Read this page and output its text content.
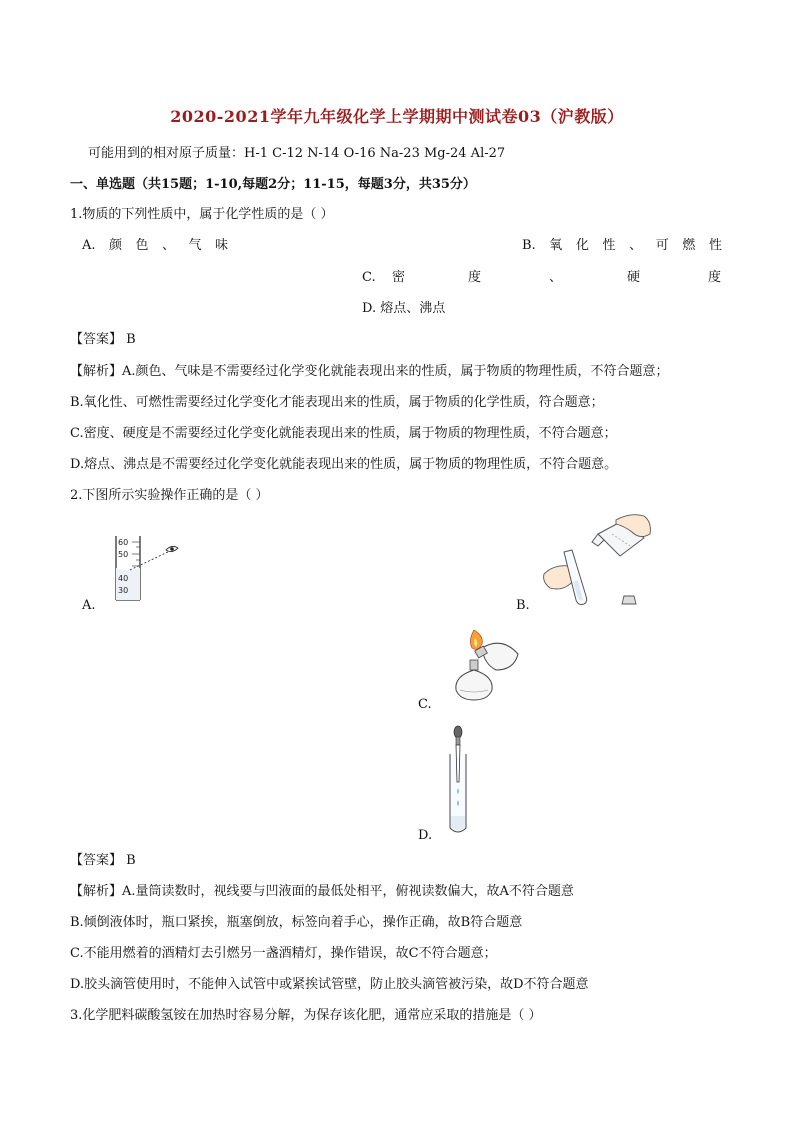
2020-2021学年九年级化学上学期期中测试卷03（沪教版）
可能用到的相对原子质量：H-1 C-12 N-14 O-16 Na-23 Mg-24 Al-27
一、单选题（共15题；1-10,每题2分；11-15，每题3分，共35分）
1.物质的下列性质中，属于化学性质的是（ ）
A. 颜 色 、 气 味	B. 氧 化 性 、 可 燃 性
C. 密	度	、	硬	度
D. 熔点、沸点
【答案】 B
【解析】A.颜色、气味是不需要经过化学变化就能表现出来的性质，属于物质的物理性质，不符合题意；
B.氧化性、可燃性需要经过化学变化才能表现出来的性质，属于物质的化学性质，符合题意；
C.密度、硬度是不需要经过化学变化就能表现出来的性质，属于物质的物理性质，不符合题意；
D.熔点、沸点是不需要经过化学变化就能表现出来的性质，属于物质的物理性质，不符合题意。
2.下图所示实验操作正确的是（ ）
60
50
40
30
A.	B.
C.
D.
【答案】 B
【解析】A.量筒读数时，视线要与凹液面的最低处相平，俯视读数偏大，故A不符合题意
B.倾倒液体时，瓶口紧挨，瓶塞倒放，标签向着手心，操作正确，故B符合题意
C.不能用燃着的酒精灯去引燃另一盏酒精灯，操作错误，故C不符合题意；
D.胶头滴管使用时，不能伸入试管中或紧挨试管壁，防止胶头滴管被污染，故D不符合题意
3.化学肥料碳酸氢铵在加热时容易分解，为保存该化肥，通常应采取的措施是（ ）
